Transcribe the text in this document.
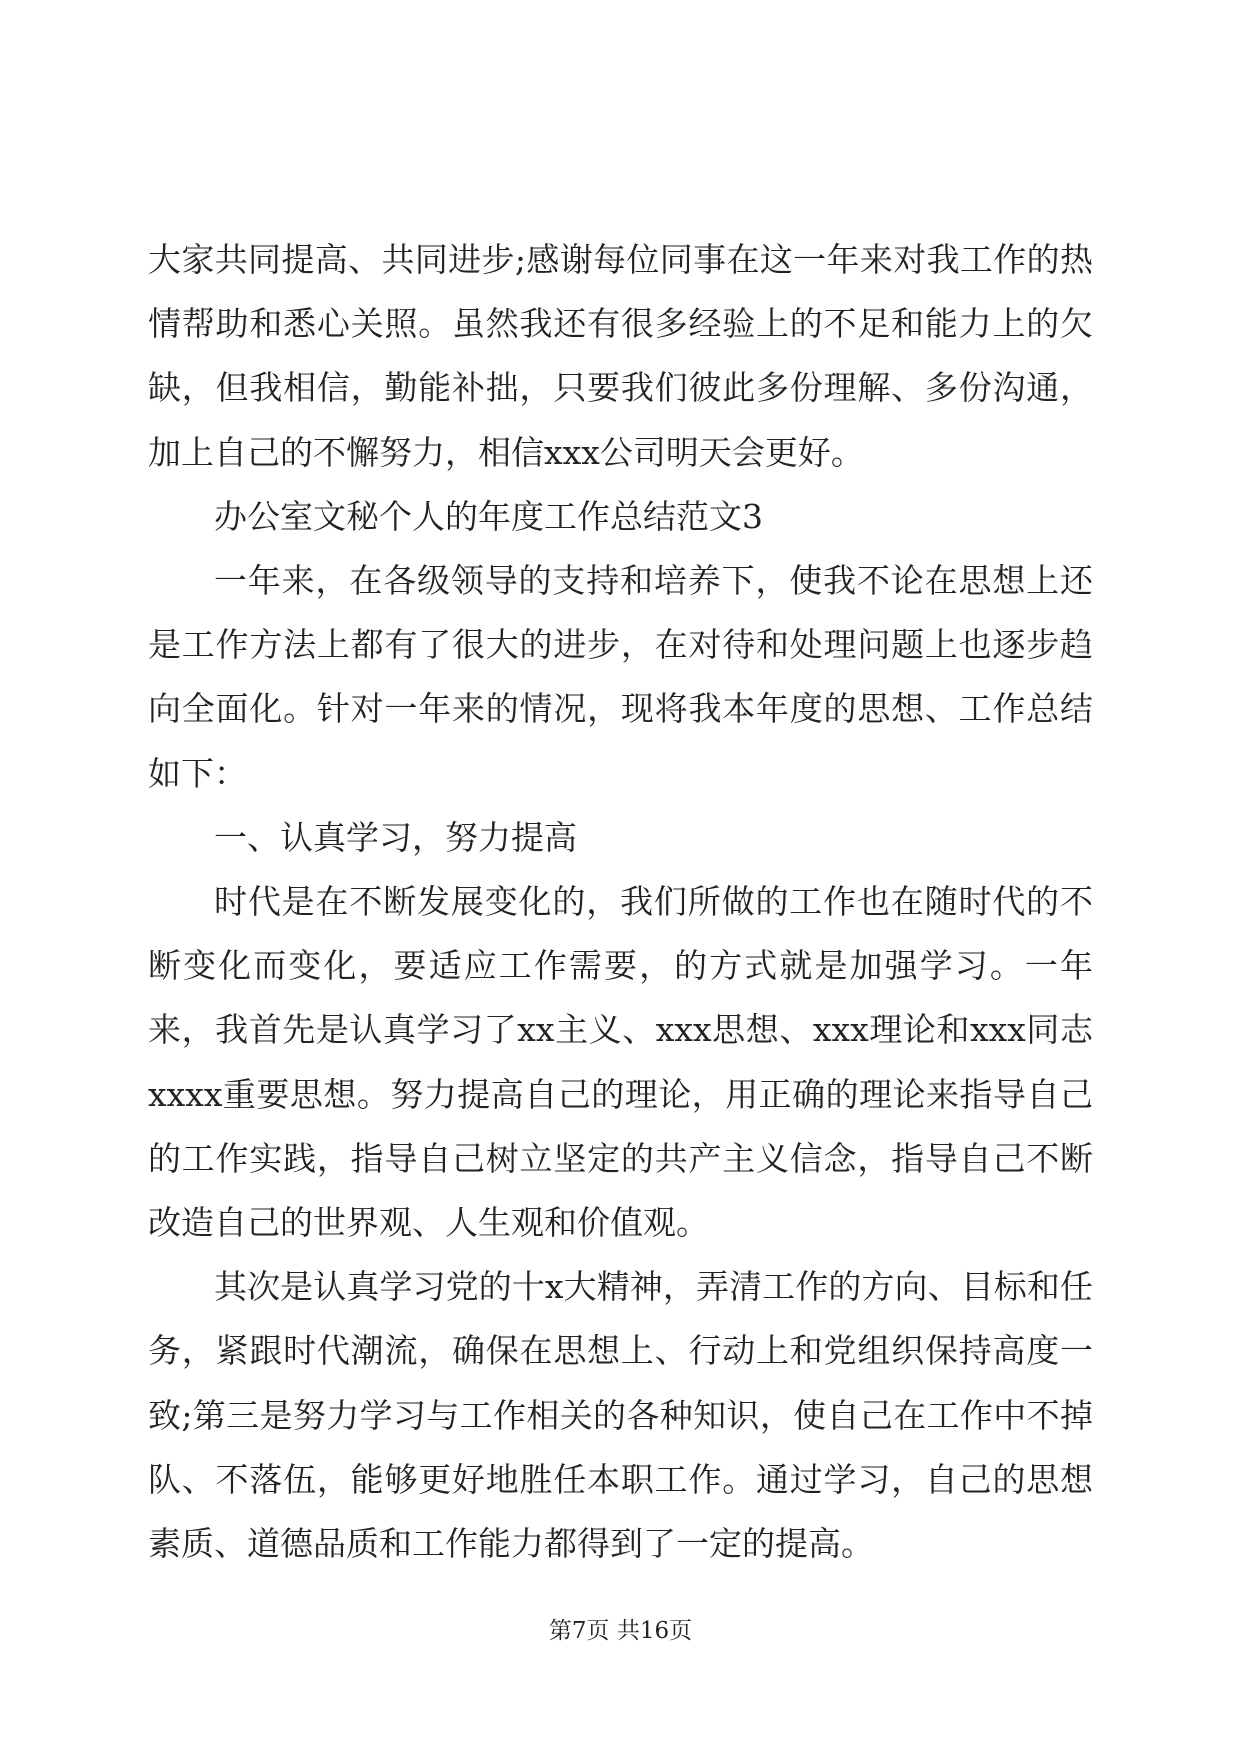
大家共同提高、共同进步;感谢每位同事在这一年来对我工作的热情帮助和悉心关照。虽然我还有很多经验上的不足和能力上的欠缺，但我相信，勤能补拙，只要我们彼此多份理解、多份沟通，加上自己的不懈努力，相信xxx公司明天会更好。

办公室文秘个人的年度工作总结范文3

一年来，在各级领导的支持和培养下，使我不论在思想上还是工作方法上都有了很大的进步，在对待和处理问题上也逐步趋向全面化。针对一年来的情况，现将我本年度的思想、工作总结如下：

一、认真学习，努力提高

时代是在不断发展变化的，我们所做的工作也在随时代的不断变化而变化，要适应工作需要，的方式就是加强学习。一年来，我首先是认真学习了xx主义、xxx思想、xxx理论和xxx同志xxxx重要思想。努力提高自己的理论，用正确的理论来指导自己的工作实践，指导自己树立坚定的共产主义信念，指导自己不断改造自己的世界观、人生观和价值观。

其次是认真学习党的十x大精神，弄清工作的方向、目标和任务，紧跟时代潮流，确保在思想上、行动上和党组织保持高度一致;第三是努力学习与工作相关的各种知识，使自己在工作中不掉队、不落伍，能够更好地胜任本职工作。通过学习，自己的思想素质、道德品质和工作能力都得到了一定的提高。

第7页 共16页
